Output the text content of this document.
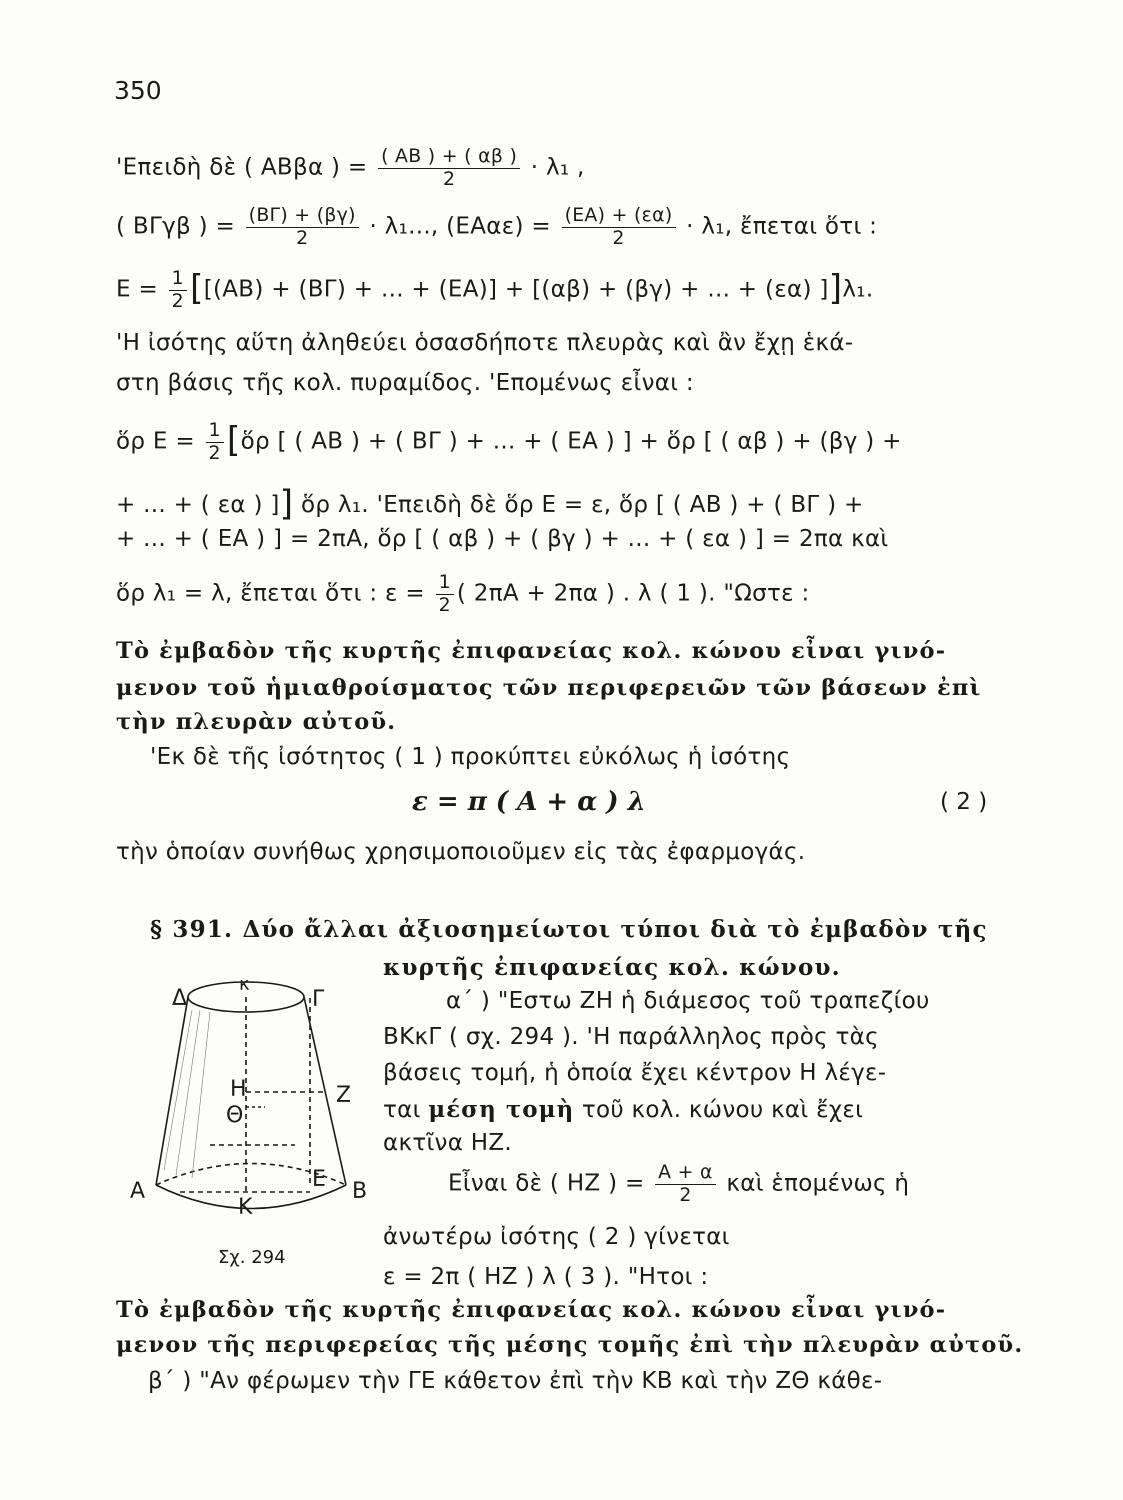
350
'Επειδὴ δὲ ( ΑΒβα ) = $\frac{( AB ) + ( \alpha\beta )}{2} \cdot \lambda_1$ ,
( ΒΓγβ ) = $\frac{(B\Gamma) + (\beta\gamma)}{2} \cdot \lambda_1$..., $(EA\alpha\varepsilon) = \frac{(EA) + (\varepsilon\alpha)}{2} \cdot \lambda_1$, ἔπεται ὅτι :
$E = \frac{1}{2} [[(AB) + (B\Gamma)$ + ... + (ΕΑ)] + [(αβ) + (βγ) + ... + (εα) ]]λ₁.
'Η ἰσότης αὕτη ἀληθεύει ὁσασδήποτε πλευρὰς καὶ ἂν ἔχῃ ἑκά-
στη βάσις τῆς κολ. πυραμίδος. 'Επομένως εἶναι :
ὅρ $E = \frac{1}{2}$ [ὅρ [ ( ΑΒ ) + ( ΒΓ ) + ... + ( ΕΑ ) ] + ὅρ [ ( αβ ) + (βγ ) +
+ ... + ( εα ) ]] ὅρ λ₁. 'Επειδὴ δὲ ὅρ Ε = ε, ὅρ [ ( ΑΒ ) + ( ΒΓ ) +
+ ... + ( ΕΑ ) ] = 2πΑ, ὅρ [ ( αβ ) + ( βγ ) + ... + ( εα ) ] = 2πα καὶ
ὅρ λ₁ = λ, ἔπεται ὅτι : $\varepsilon = \frac{1}{2}$ ( 2πΑ + 2πα ) . λ ( 1 ). "Ωστε :
Τὸ ἐμβαδὸν τῆς κυρτῆς ἐπιφανείας κολ. κώνου εἶναι γινό-
μενον τοῦ ἡμιαθροίσματος τῶν περιφερειῶν τῶν βάσεων ἐπὶ
τὴν πλευρὰν αὐτοῦ.
'Εκ δὲ τῆς ἰσότητος ( 1 ) προκύπτει εὐκόλως ἡ ἰσότης
ε = π ( Α + α ) λ	( 2 )
τὴν ὁποίαν συνήθως χρησιμοποιοῦμεν εἰς τὰς ἐφαρμογάς.
§ 391. Δύο ἄλλαι ἀξιοσημείωτοι τύποι διὰ τὸ ἐμβαδὸν τῆς
κυρτῆς ἐπιφανείας κολ. κώνου.
α΄ ) "Εστω ΖΗ ἡ διάμεσος τοῦ τραπεζίου
ΒΚκΓ ( σχ. 294 ). 'Η παράλληλος πρὸς τὰς
βάσεις τομή, ἡ ὁποία ἔχει κέντρον Η λέγε-
ται μέση τομὴ τοῦ κολ. κώνου καὶ ἔχει
ακτῖνα ΗΖ.
Εἶναι δὲ ( ΗΖ ) = $\frac{A + \alpha}{2}$ καὶ ἑπομένως ἡ
ἀνωτέρω ἰσότης ( 2 ) γίνεται
ε = 2π ( ΗΖ ) λ ( 3 ). "Ητοι :
Τὸ ἐμβαδὸν τῆς κυρτῆς ἐπιφανείας κολ. κώνου εἶναι γινό-
μενον τῆς περιφερείας τῆς μέσης τομῆς ἐπὶ τὴν πλευρὰν αὐτοῦ.
β΄ ) "Αν φέρωμεν τὴν ΓΕ κάθετον ἐπὶ τὴν ΚΒ καὶ τὴν ΖΘ κάθε-
Δ
κ
Γ
Η	Ζ
Θ
Α
Κ
Ε Β
Σχ. 294
